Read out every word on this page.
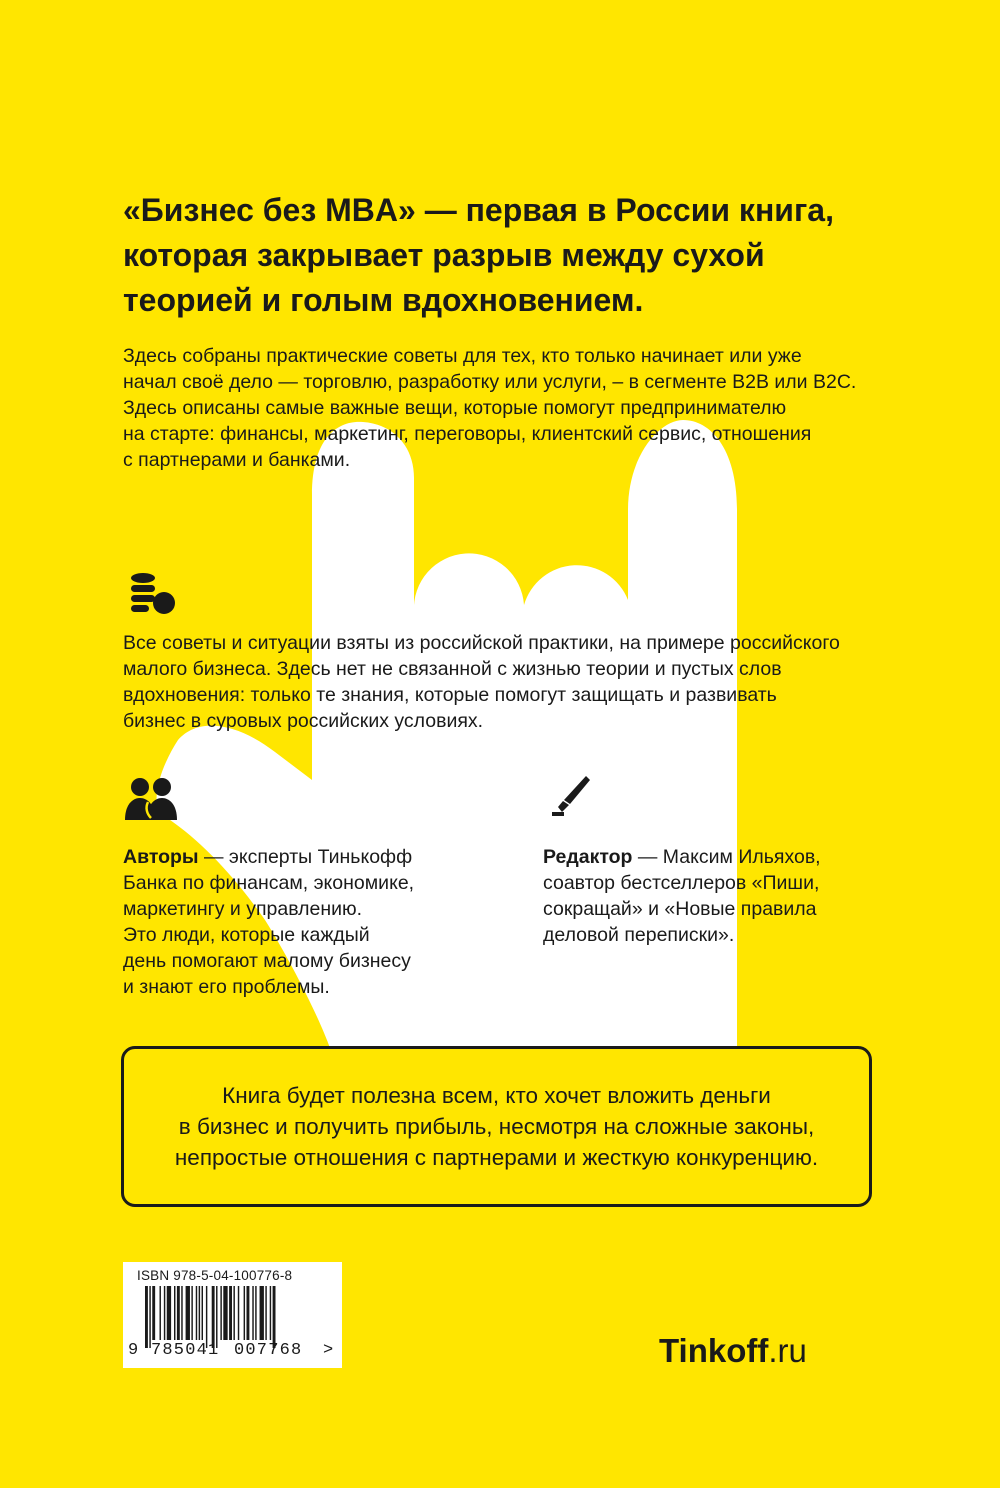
«Бизнес без MBA» — первая в России книга,
которая закрывает разрыв между сухой
теорией и голым вдохновением.

Здесь собраны практические советы для тех, кто только начинает или уже
начал своё дело — торговлю, разработку или услуги, – в сегменте B2B или B2C.
Здесь описаны самые важные вещи, которые помогут предпринимателю
на старте: финансы, маркетинг, переговоры, клиентский сервис, отношения
с партнерами и банками.

Все советы и ситуации взяты из российской практики, на примере российского
малого бизнеса. Здесь нет не связанной с жизнью теории и пустых слов
вдохновения: только те знания, которые помогут защищать и развивать
бизнес в суровых российских условиях.

Авторы — эксперты Тинькофф
Банка по финансам, экономике,
маркетингу и управлению.
Это люди, которые каждый
день помогают малому бизнесу
и знают его проблемы.

Редактор — Максим Ильяхов,
соавтор бестселлеров «Пиши,
сокращай» и «Новые правила
деловой переписки».

Книга будет полезна всем, кто хочет вложить деньги
в бизнес и получить прибыль, несмотря на сложные законы,
непростые отношения с партнерами и жесткую конкуренцию.
ISBN 978-5-04-100776-8
9 785041 007768 >	Tinkoff.ru
